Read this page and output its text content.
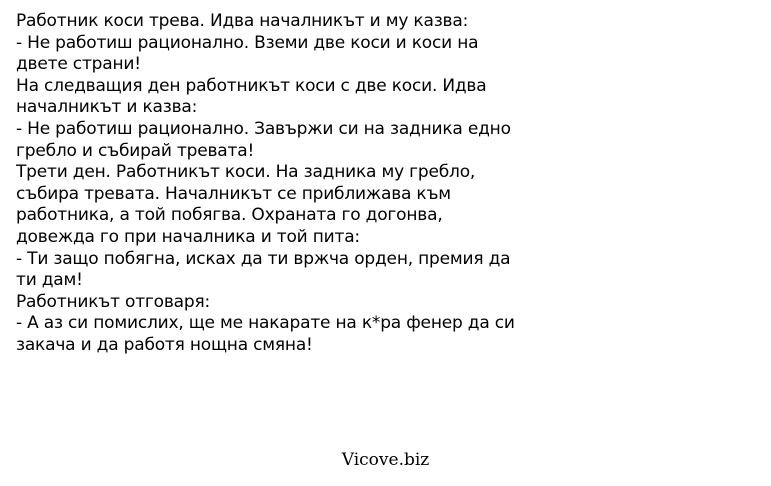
Работник коси трева. Идва началникът и му казва:
- Не работиш рационално. Вземи две коси и коси на
двете страни!
На следващия ден работникът коси с две коси. Идва
началникът и казва:
- Не работиш рационално. Завържи си на задника едно
гребло и събирай тревата!
Трети ден. Работникът коси. На задника му гребло,
събира тревата. Началникът се приближава към
работника, а той побягва. Охраната го догонва,
довежда го при началника и той пита:
- Ти защо побягна, исках да ти вржча орден, премия да
ти дам!
Работникът отговаря:
- А аз си помислих, ще ме накарате на к*ра фенер да си
закача и да работя нощна смяна!
Vicove.biz
